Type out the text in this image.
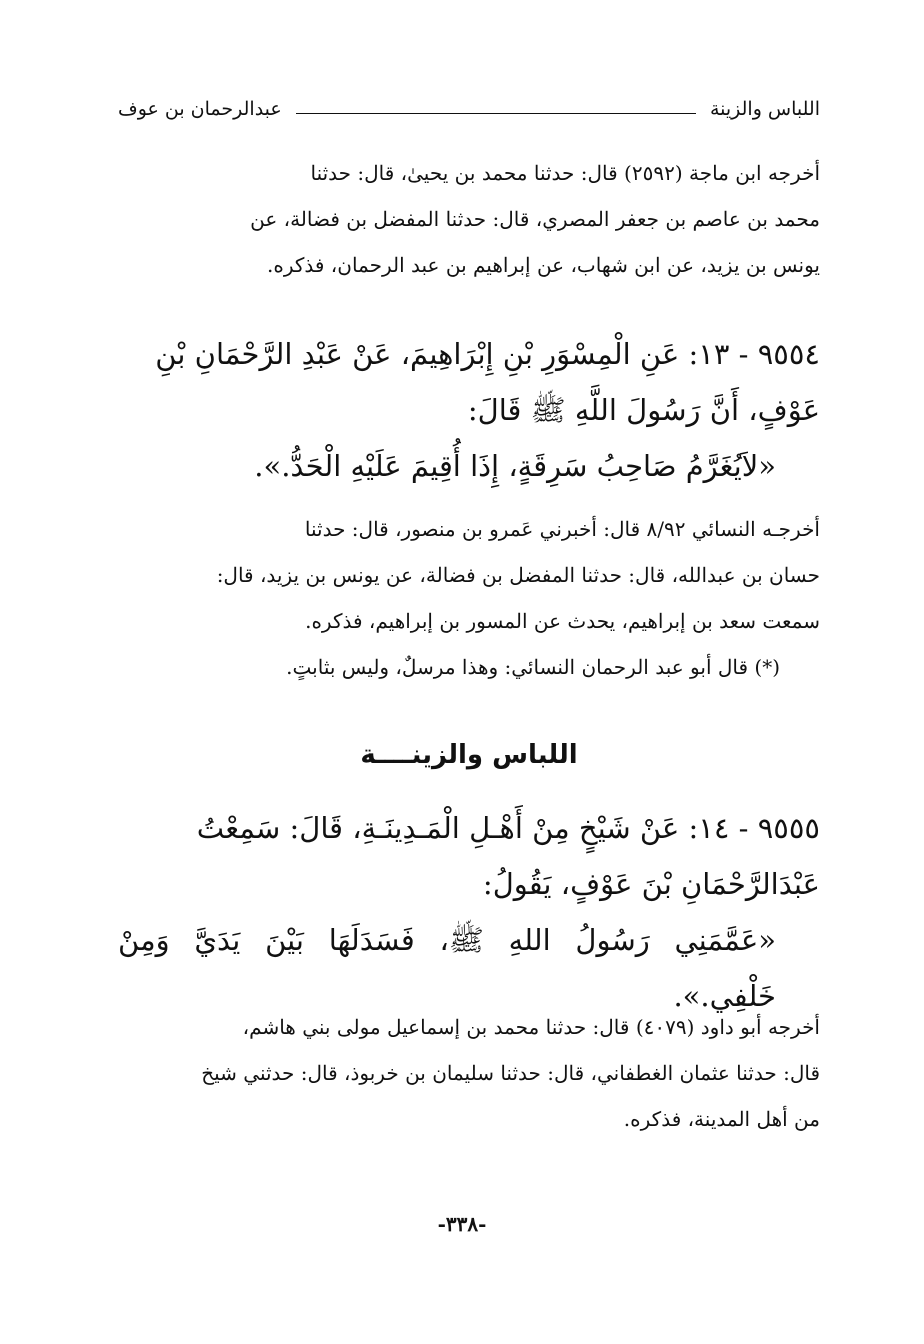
اللباس والزينة
عبدالرحمان بن عوف
أخرجه ابن ماجة (٢٥٩٢) قال: حدثنا محمد بن يحيىٰ، قال: حدثنا
محمد بن عاصم بن جعفر المصري، قال: حدثنا المفضل بن فضالة، عن
يونس بن يزيد، عن ابن شهاب، عن إبراهيم بن عبد الرحمان، فذكره.
٩٥٥٤ - ١٣: عَنِ الْمِسْوَرِ بْنِ إِبْرَاهِيمَ، عَنْ عَبْدِ الرَّحْمَانِ بْنِ
عَوْفٍ، أَنَّ رَسُولَ اللَّهِ ﷺ قَالَ:
«لاَيُغَرَّمُ صَاحِبُ سَرِقَةٍ، إِذَا أُقِيمَ عَلَيْهِ الْحَدُّ.».
أخرجـه النسائي ٨/٩٢ قال: أخبرني عَمرو بن منصور، قال: حدثنا
حسان بن عبدالله، قال: حدثنا المفضل بن فضالة، عن يونس بن يزيد، قال:
سمعت سعد بن إبراهيم، يحدث عن المسور بن إبراهيم، فذكره.
(*) قال أبو عبد الرحمان النسائي: وهذا مرسلٌ، وليس بثابتٍ.
اللباس والزينــــة
٩٥٥٥ - ١٤: عَنْ شَيْخٍ مِنْ أَهْـلِ الْمَـدِينَـةِ، قَالَ: سَمِعْتُ
عَبْدَالرَّحْمَانِ بْنَ عَوْفٍ، يَقُولُ:
«عَمَّمَنِي رَسُولُ اللهِ ﷺ، فَسَدَلَهَا بَيْنَ يَدَيَّ وَمِنْ خَلْفِي.».
أخرجه أبو داود (٤٠٧٩) قال: حدثنا محمد بن إسماعيل مولى بني هاشم،
قال: حدثنا عثمان الغطفاني، قال: حدثنا سليمان بن خربوذ، قال: حدثني شيخ
من أهل المدينة، فذكره.
-٣٣٨-
